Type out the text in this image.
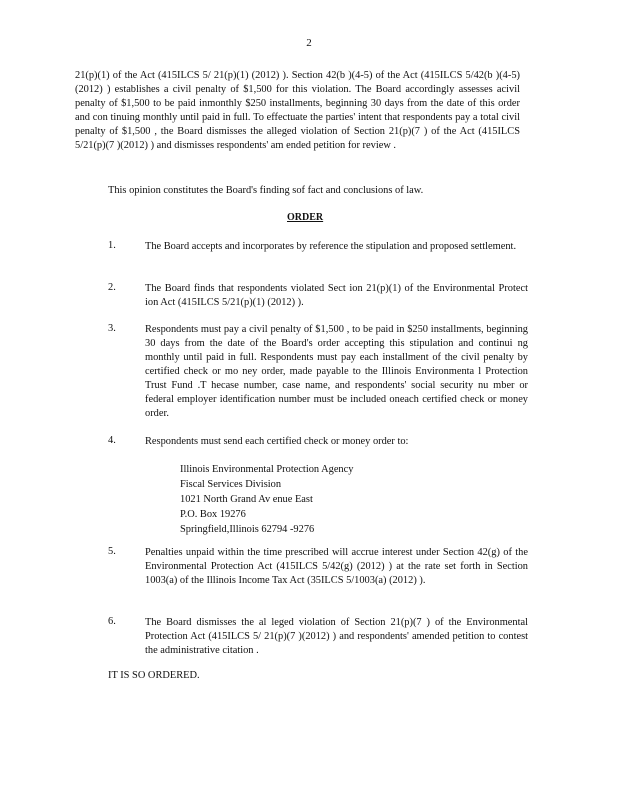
2

21(p)(1) of the Act (415ILCS 5/ 21(p)(1) (2012) ). Section 42(b )(4-5) of the Act (415ILCS 5/42(b )(4-5) (2012) ) establishes a civil penalty of $1,500 for this violation. The Board accordingly assesses acivil penalty of $1,500 to be paid inmonthly $250 installments, beginning 30 days from the date of this order and con tinuing monthly until paid in full. To effectuate the parties' intent that respondents pay a total civil penalty of $1,500 , the Board dismisses the alleged violation of Section 21(p)(7 ) of the Act (415ILCS 5/21(p)(7 )(2012) ) and dismisses respondents' am ended petition for review .

This opinion constitutes the Board's finding sof fact and conclusions of law.

ORDER
1.	The Board accepts and incorporates by reference the stipulation and proposed settlement.

2.	The Board finds that respondents violated Sect ion 21(p)(1) of the Environmental Protect ion Act (415ILCS 5/21(p)(1) (2012) ).

3.	Respondents must pay a civil penalty of $1,500 , to be paid in $250 installments, beginning 30 days from the date of the Board's order accepting this stipulation and continui ng monthly until paid in full. Respondents must pay each installment of the civil penalty by certified check or mo ney order, made payable to the Illinois Environmenta l Protection Trust Fund .T hecase number, case name, and respondents' social security nu mber or federal employer identification number must be included oneach certified check or money order.

4.	Respondents must send each certified check or money order to:

Illinois Environmental Protection Agency
Fiscal Services Division
1021 North Grand Av enue East
P.O. Box 19276
Springfield,Illinois 62794 -9276
5.	Penalties unpaid within the time prescribed will accrue interest under Section 42(g) of the Environmental Protection Act (415ILCS 5/42(g) (2012) ) at the rate set forth in Section 1003(a) of the Illinois Income Tax Act (35ILCS 5/1003(a) (2012) ).

6.	The Board dismisses the al leged violation of Section 21(p)(7 ) of the Environmental Protection Act (415ILCS 5/ 21(p)(7 )(2012) ) and respondents' amended petition to contest the administrative citation .

IT IS SO ORDERED.
